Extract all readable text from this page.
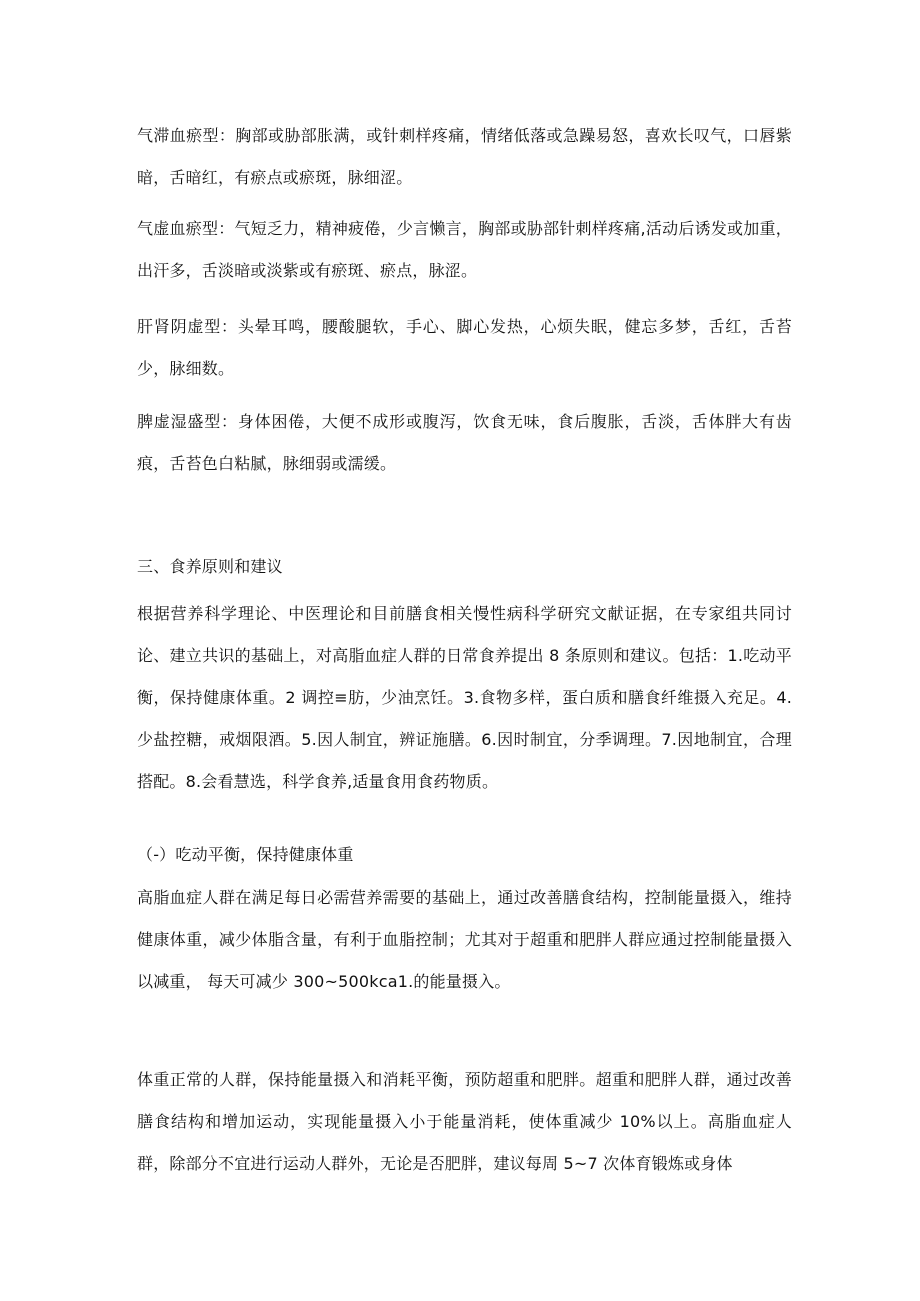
气滞血瘀型：胸部或胁部胀满，或针刺样疼痛，情绪低落或急躁易怒，喜欢长叹气，口唇紫暗，舌暗红，有瘀点或瘀斑，脉细涩。

气虚血瘀型：气短乏力，精神疲倦，少言懒言，胸部或胁部针刺样疼痛,活动后诱发或加重，出汗多，舌淡暗或淡紫或有瘀斑、瘀点，脉涩。

肝肾阴虚型：头晕耳鸣，腰酸腿软，手心、脚心发热，心烦失眠，健忘多梦，舌红，舌苔少，脉细数。

脾虚湿盛型：身体困倦，大便不成形或腹泻，饮食无味，食后腹胀，舌淡，舌体胖大有齿痕，舌苔色白粘腻，脉细弱或濡缓。

三、食养原则和建议

根据营养科学理论、中医理论和目前膳食相关慢性病科学研究文献证据，在专家组共同讨论、建立共识的基础上，对高脂血症人群的日常食养提出 8 条原则和建议。包括：1.吃动平衡，保持健康体重。2 调控≡肪，少油烹饪。3.食物多样，蛋白质和膳食纤维摄入充足。4.少盐控糖，戒烟限酒。5.因人制宜，辨证施膳。6.因时制宜，分季调理。7.因地制宜，合理搭配。8.会看慧选，科学食养,适量食用食药物质。

（-）吃动平衡，保持健康体重

高脂血症人群在满足每日必需营养需要的基础上，通过改善膳食结构，控制能量摄入，维持健康体重，减少体脂含量，有利于血脂控制；尤其对于超重和肥胖人群应通过控制能量摄入以减重， 每天可减少 300~500kca1.的能量摄入。

体重正常的人群，保持能量摄入和消耗平衡，预防超重和肥胖。超重和肥胖人群，通过改善膳食结构和增加运动，实现能量摄入小于能量消耗，使体重减少 10%以上。高脂血症人群，除部分不宜进行运动人群外，无论是否肥胖，建议每周 5~7 次体育锻炼或身体
